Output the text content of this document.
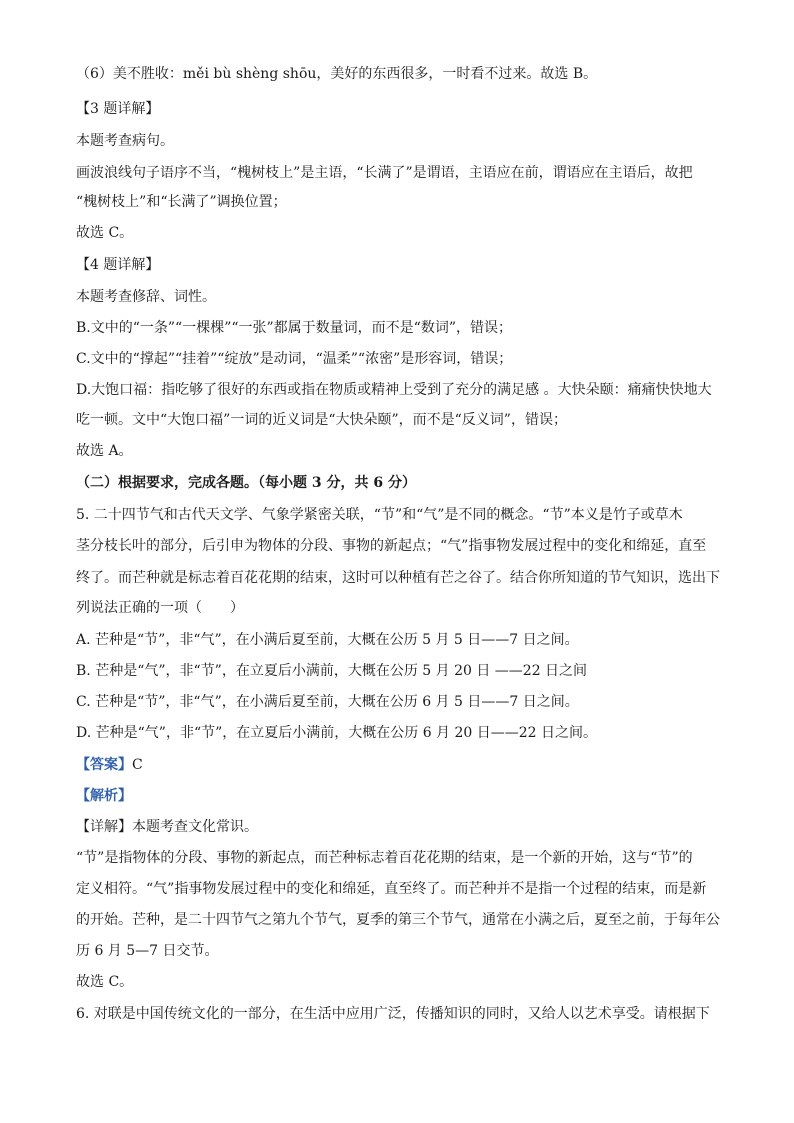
（6）美不胜收：měi bù shèng shōu，美好的东西很多，一时看不过来。故选 B。
【3 题详解】
本题考查病句。
画波浪线句子语序不当，“槐树枝上”是主语，“长满了”是谓语，主语应在前，谓语应在主语后，故把
“槐树枝上”和“长满了”调换位置；
故选 C。
【4 题详解】
本题考查修辞、词性。
B.文中的“一条”“一棵棵”“一张”都属于数量词，而不是“数词”，错误；
C.文中的“撑起”“挂着”“绽放”是动词，“温柔”“浓密”是形容词，错误；
D.大饱口福：指吃够了很好的东西或指在物质或精神上受到了充分的满足感 。大快朵颐：痛痛快快地大
吃一顿。文中“大饱口福”一词的近义词是“大快朵颐”，而不是“反义词”，错误；
故选 A。
（二）根据要求，完成各题。（每小题 3 分，共 6 分）
5. 二十四节气和古代天文学、气象学紧密关联，“节”和“气”是不同的概念。“节”本义是竹子或草木
茎分枝长叶的部分，后引申为物体的分段、事物的新起点；“气”指事物发展过程中的变化和绵延，直至
终了。而芒种就是标志着百花花期的结束，这时可以种植有芒之谷了。结合你所知道的节气知识，选出下
列说法正确的一项（　　）
A. 芒种是“节”，非“气”，在小满后夏至前，大概在公历 5 月 5 日——7 日之间。
B. 芒种是“气”，非“节”，在立夏后小满前，大概在公历 5 月 20 日 ——22 日之间
C. 芒种是“节”，非“气”，在小满后夏至前，大概在公历 6 月 5 日——7 日之间。
D. 芒种是“气”，非“节”，在立夏后小满前，大概在公历 6 月 20 日——22 日之间。
【答案】C
【解析】
【详解】本题考查文化常识。
“节”是指物体的分段、事物的新起点，而芒种标志着百花花期的结束，是一个新的开始，这与“节”的
定义相符。“气”指事物发展过程中的变化和绵延，直至终了。而芒种并不是指一个过程的结束，而是新
的开始。芒种，是二十四节气之第九个节气，夏季的第三个节气，通常在小满之后，夏至之前，于每年公
历 6 月 5—7 日交节。
故选 C。
6. 对联是中国传统文化的一部分，在生活中应用广泛，传播知识的同时，又给人以艺术享受。请根据下
